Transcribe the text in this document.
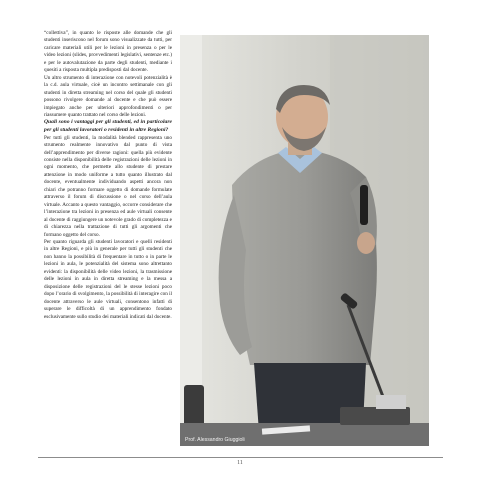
“collettiva”, in quanto le risposte alle domande che gli studenti inseriscono nel forum sono visualizzate da tutti, per caricare materiali utili per le lezioni in presenza o per le video lezioni (slides, provvedimenti legislativi, sentenze etc.) e per le autovalutazione da parte degli studenti, mediante i quesiti a risposta multipla predisposti dal docente.

Un altro strumento di interazione con notevoli potenzialità è la c.d. aula virtuale, cioè un incontro settimanale con gli studenti in diretta streaming nel corso del quale gli studenti possono rivolgere domande al docente e che può essere impiegato anche per ulteriori approfondimenti o per riassumere quanto trattato nel corso delle lezioni.

Quali sono i vantaggi per gli studenti, ed in particolare per gli studenti lavoratori o residenti in altre Regioni?

Per tutti gli studenti, la modalità blended rappresenta uno strumento realmente innovativo dal punto di vista dell’apprendimento per diverse ragioni: quella più evidente consiste nella disponibilità delle registrazioni delle lezioni in ogni momento, che permette allo studente di prestare attenzione in modo uniforme a tutto quanto illustrato dal docente, eventualmente individuando aspetti ancora non chiari che potranno formare oggetto di domande formulate attraverso il forum di discussione o nel corso dell’aula virtuale. Accanto a questo vantaggio, occorre considerare che l’interazione tra lezioni in presenza ed aule virtuali consente al docente di raggiungere un notevole grado di completezza e di chiarezza nella trattazione di tutti gli argomenti che formano oggetto del corso.

Per quanto riguarda gli studenti lavoratori e quelli residenti in altre Regioni, e più in generale per tutti gli studenti che non hanno la possibilità di frequentare in tutto o in parte le lezioni in aula, le potenzialità del sistema sono altrettanto evidenti: la disponibilità delle video lezioni, la trasmissione delle lezioni in aula in diretta streaming e la messa a disposizione delle registrazioni del le stesse lezioni poco dopo l’orario di svolgimento, la possibilità di interagire con il docente attraverso le aule virtuali, consentono infatti di superare le difficoltà di un apprendimento fondato esclusivamente sullo studio dei materiali indicati dal docente.

Prof. Alessandro Giuggioli
11
